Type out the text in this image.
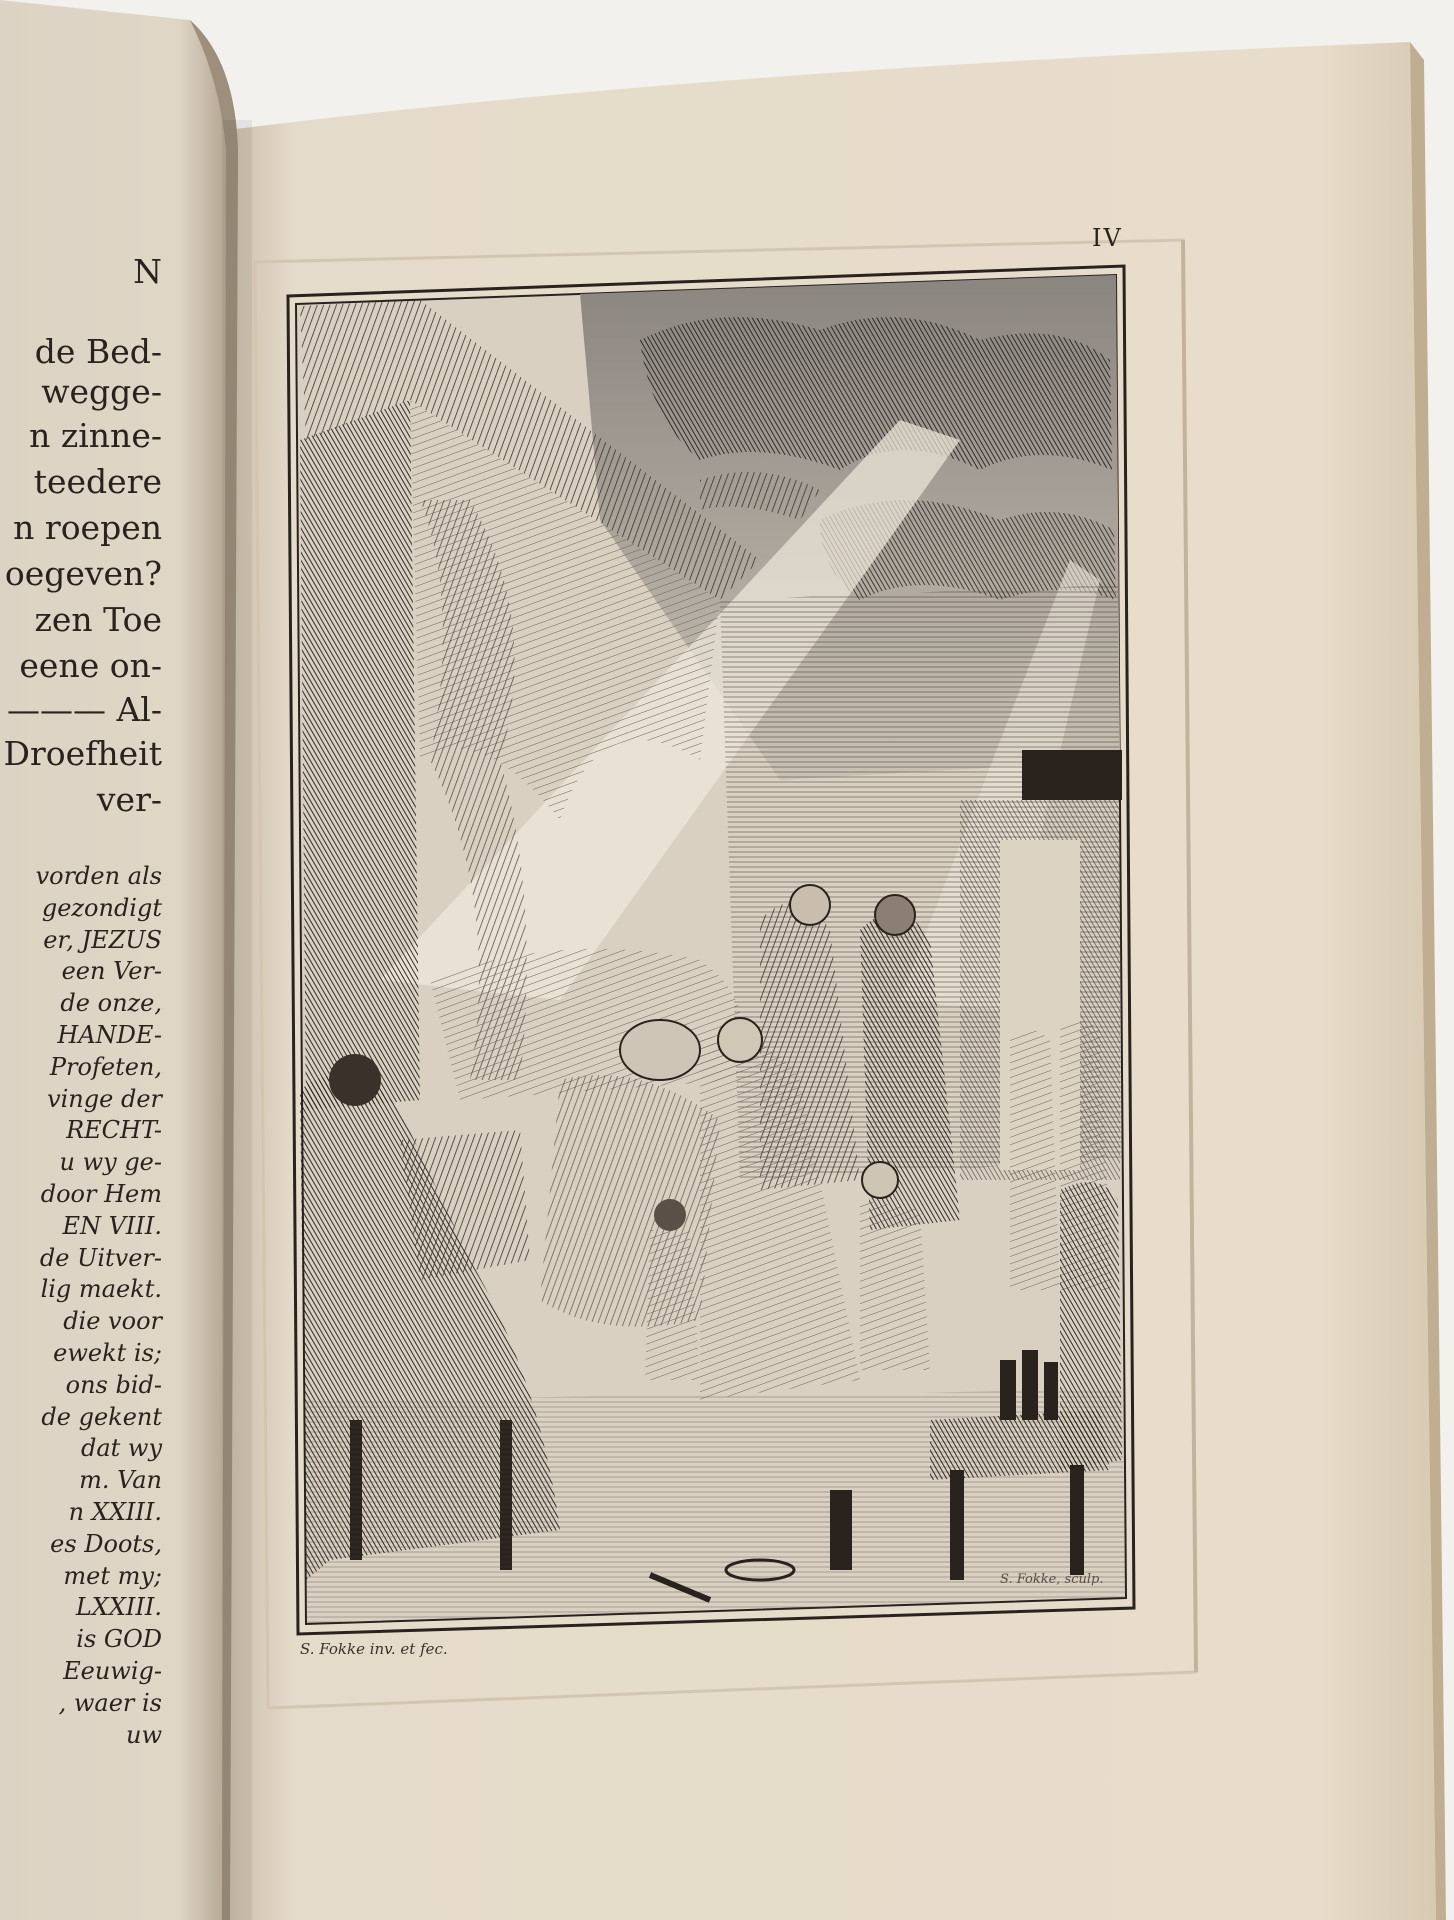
N
de Bed-
wegge-
n zinne-
teedere
n roepen
oegeven?
zen Toe
eene on-
——— Al-
Droefheit
ver-
vorden als
gezondigt
er, JEZUS
een Ver-
de onze,
HANDE-
Profeten,
vinge der
RECHT-
u wy ge-
door Hem
EN VIII.
de Uitver-
lig maekt.
die voor
ewekt is;
ons bid-
de gekent
dat wy
m. Van
n XXIII.
es Doots,
met my;
LXXIII.
is GOD
Eeuwig-
, waer is
uw
IV
S. Fokke inv. et fec.
S. Fokke, sculp.
